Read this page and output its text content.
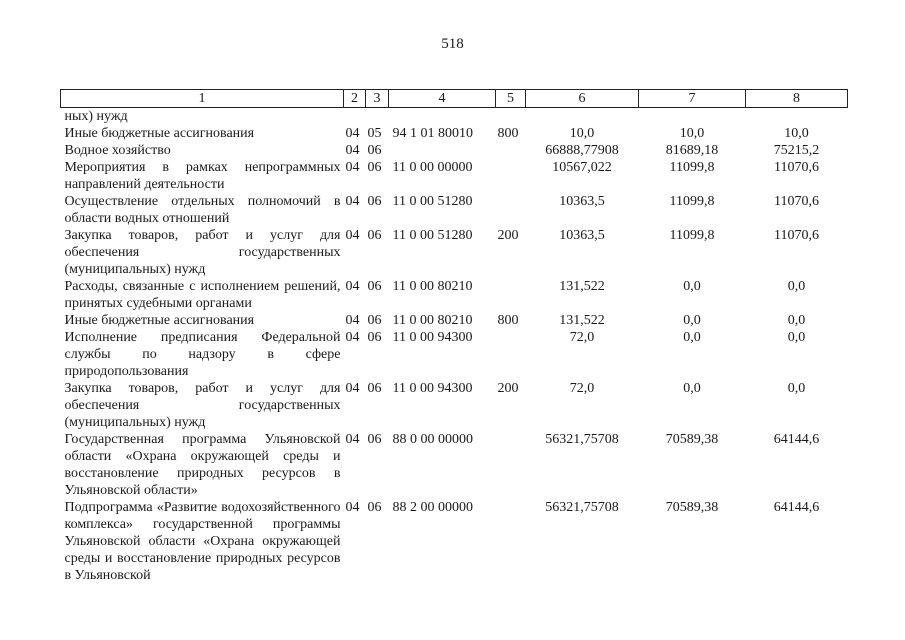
518
1	2	3	4	5	6	7	8
ных) нужд							
Иные бюджетные ассигнования	04	05	94 1 01 80010	800	10,0	10,0	10,0
Водное хозяйство	04	06			66888,77908	81689,18	75215,2
Мероприятия в рамках непрограммных направлений деятельности	04	06	11 0 00 00000		10567,022	11099,8	11070,6
Осуществление отдельных полномочий в области водных отношений	04	06	11 0 00 51280		10363,5	11099,8	11070,6
Закупка товаров, работ и услуг для обеспечения государственных (муниципальных) нужд	04	06	11 0 00 51280	200	10363,5	11099,8	11070,6
Расходы, связанные с исполнением решений, принятых судебными органами	04	06	11 0 00 80210		131,522	0,0	0,0
Иные бюджетные ассигнования	04	06	11 0 00 80210	800	131,522	0,0	0,0
Исполнение предписания Федеральной службы по надзору в сфере природопользования	04	06	11 0 00 94300		72,0	0,0	0,0
Закупка товаров, работ и услуг для обеспечения государственных (муниципальных) нужд	04	06	11 0 00 94300	200	72,0	0,0	0,0
Государственная программа Ульяновской области «Охрана окружающей среды и восстановление природных ресурсов в Ульяновской области»	04	06	88 0 00 00000		56321,75708	70589,38	64144,6
Подпрограмма «Развитие водохозяйственного комплекса» государственной программы Ульяновской области «Охрана окружающей среды и восстановление природных ресурсов в Ульяновской	04	06	88 2 00 00000		56321,75708	70589,38	64144,6
